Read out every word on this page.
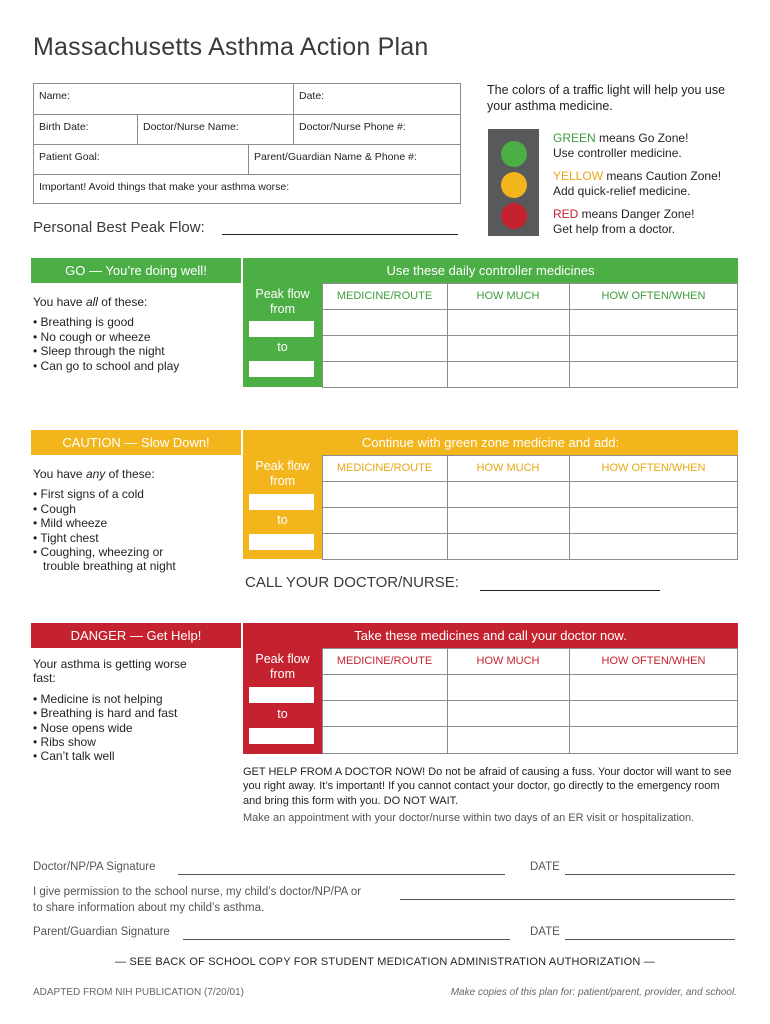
Massachusetts Asthma Action Plan
Name:	Date:
Birth Date:	Doctor/Nurse Name:	Doctor/Nurse Phone #:
Patient Goal:	Parent/Guardian Name & Phone #:
Important! Avoid things that make your asthma worse:
Personal Best Peak Flow:
The colors of a traffic light will help you use your asthma medicine.
GREEN means Go Zone!
Use controller medicine.
YELLOW means Caution Zone!
Add quick-relief medicine.
RED means Danger Zone!
Get help from a doctor.
GO — You’re doing well!	Use these daily controller medicines
You have all of these:
• Breathing is good
• No cough or wheeze
• Sleep through the night
• Can go to school and play
Peak flow
from
to
MEDICINE/ROUTE	HOW MUCH	HOW OFTEN/WHEN
CAUTION — Slow Down!	Continue with green zone medicine and add:
You have any of these:
• First signs of a cold
• Cough
• Mild wheeze
• Tight chest
• Coughing, wheezing or
trouble breathing at night
Peak flow
from
to
MEDICINE/ROUTE	HOW MUCH	HOW OFTEN/WHEN
CALL YOUR DOCTOR/NURSE:
DANGER — Get Help!	Take these medicines and call your doctor now.
Your asthma is getting worse fast:
• Medicine is not helping
• Breathing is hard and fast
• Nose opens wide
• Ribs show
• Can’t talk well
Peak flow
from
to
MEDICINE/ROUTE	HOW MUCH	HOW OFTEN/WHEN
GET HELP FROM A DOCTOR NOW! Do not be afraid of causing a fuss. Your doctor will want to see you right away. It’s important! If you cannot contact your doctor, go directly to the emergency room and bring this form with you. DO NOT WAIT.
Make an appointment with your doctor/nurse within two days of an ER visit or hospitalization.
Doctor/NP/PA Signature	DATE
I give permission to the school nurse, my child’s doctor/NP/PA or
to share information about my child’s asthma.
Parent/Guardian Signature	DATE
— SEE BACK OF SCHOOL COPY FOR STUDENT MEDICATION ADMINISTRATION AUTHORIZATION —
ADAPTED FROM NIH PUBLICATION (7/20/01)	Make copies of this plan for: patient/parent, provider, and school.
